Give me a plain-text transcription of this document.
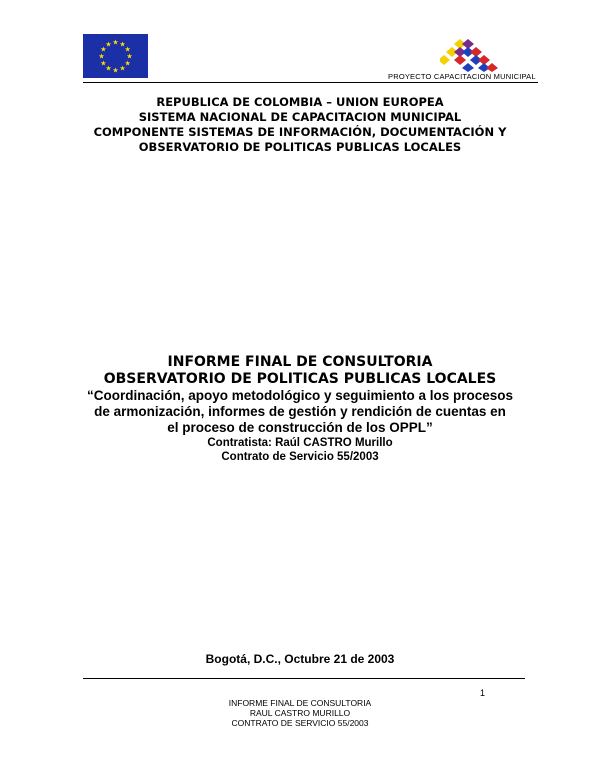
★ ★
★
★
★
★
★
★
★
★
★
★
PROYECTO CAPACITACION MUNICIPAL
REPUBLICA DE COLOMBIA – UNION EUROPEA
SISTEMA NACIONAL DE CAPACITACION MUNICIPAL
COMPONENTE SISTEMAS DE INFORMACIÓN, DOCUMENTACIÓN Y
OBSERVATORIO DE POLITICAS PUBLICAS LOCALES
INFORME FINAL DE CONSULTORIA
OBSERVATORIO DE POLITICAS PUBLICAS LOCALES
“Coordinación, apoyo metodológico y seguimiento a los procesos
de armonización, informes de gestión y rendición de cuentas en
el proceso de construcción de los OPPL”
Contratista: Raúl CASTRO Murillo
Contrato de Servicio 55/2003
Bogotá, D.C., Octubre 21 de 2003
1
INFORME FINAL DE CONSULTORIA
RAUL CASTRO MURILLO
CONTRATO DE SERVICIO 55/2003
